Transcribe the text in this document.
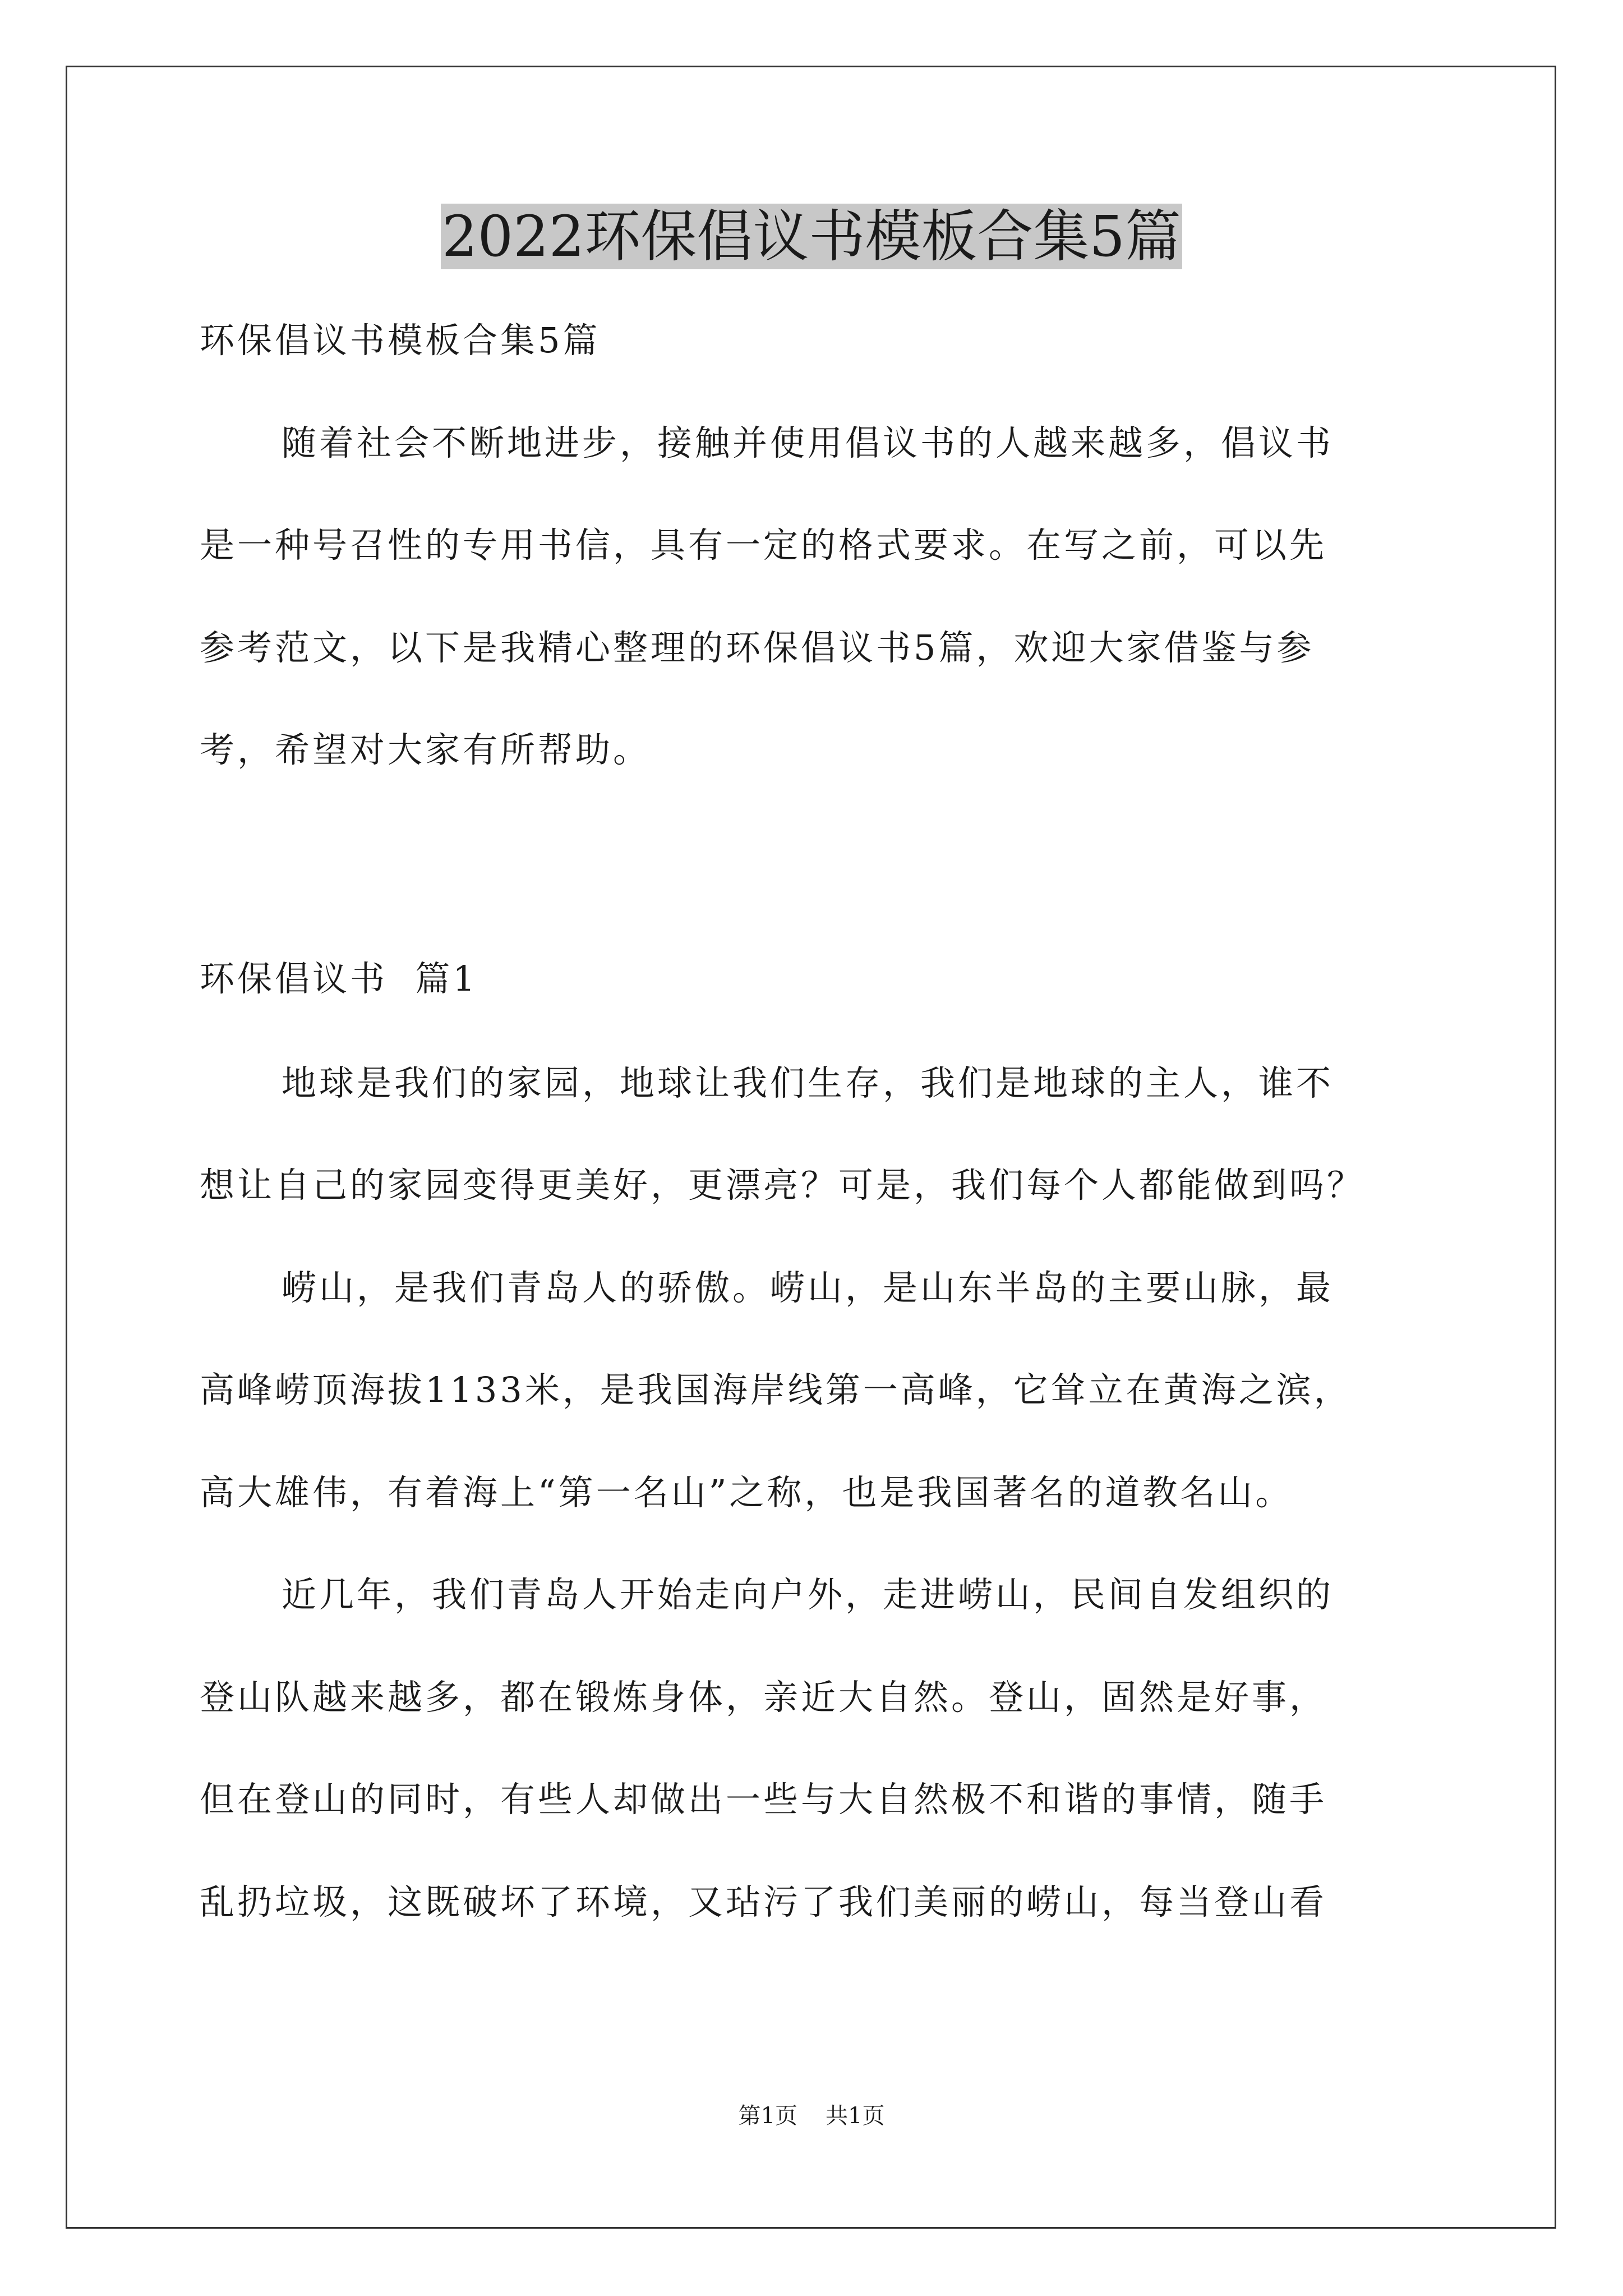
2022环保倡议书模板合集5篇

环保倡议书模板合集5篇

随着社会不断地进步，接触并使用倡议书的人越来越多，倡议书

是一种号召性的专用书信，具有一定的格式要求。在写之前，可以先

参考范文，以下是我精心整理的环保倡议书5篇，欢迎大家借鉴与参

考，希望对大家有所帮助。

环保倡议书  篇1

地球是我们的家园，地球让我们生存，我们是地球的主人，谁不

想让自己的家园变得更美好，更漂亮？可是，我们每个人都能做到吗？

崂山，是我们青岛人的骄傲。崂山，是山东半岛的主要山脉，最

高峰崂顶海拔1133米，是我国海岸线第一高峰，它耸立在黄海之滨，

高大雄伟，有着海上“第一名山”之称，也是我国著名的道教名山。

近几年，我们青岛人开始走向户外，走进崂山，民间自发组织的

登山队越来越多，都在锻炼身体，亲近大自然。登山，固然是好事，

但在登山的同时，有些人却做出一些与大自然极不和谐的事情，随手

乱扔垃圾，这既破坏了环境，又玷污了我们美丽的崂山，每当登山看

第1页 共1页
